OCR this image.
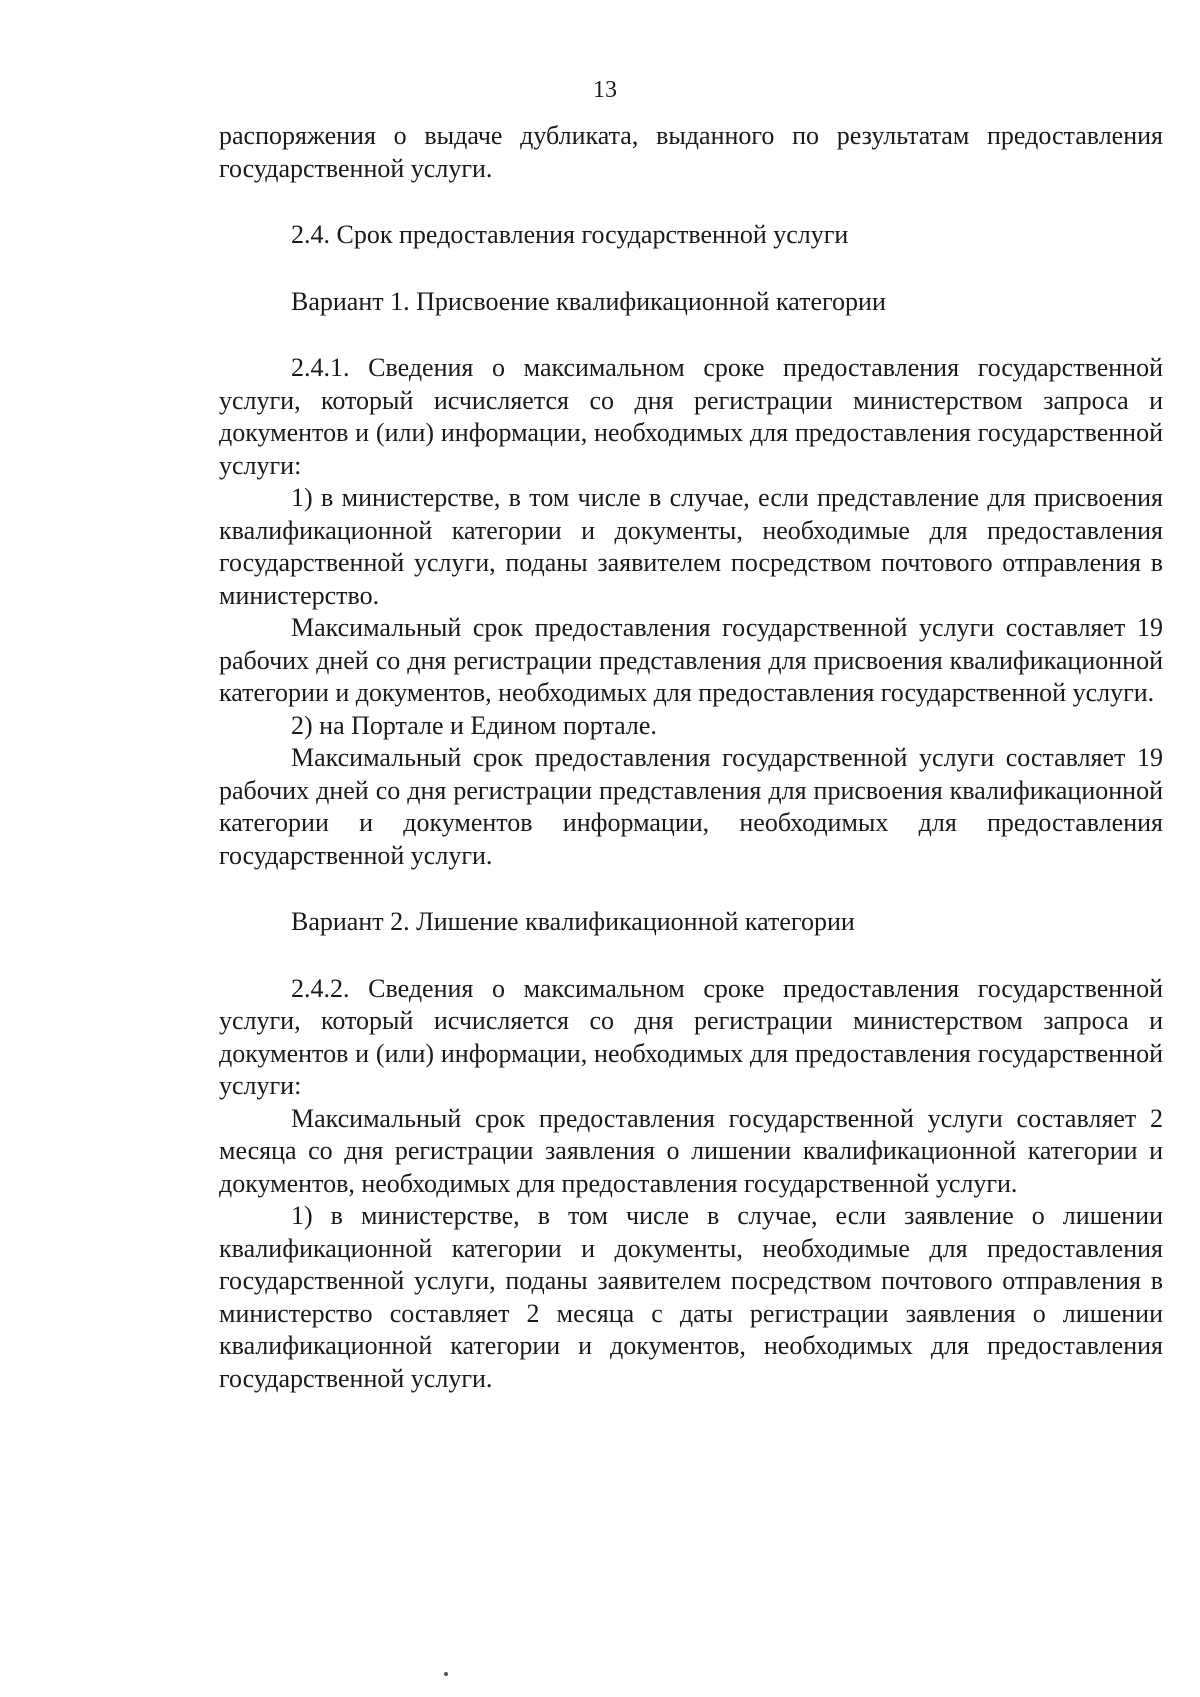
13

распоряжения о выдаче дубликата, выданного по результатам предоставления государственной услуги.

2.4. Срок предоставления государственной услуги

Вариант 1. Присвоение квалификационной категории

2.4.1. Сведения о максимальном сроке предоставления государственной услуги, который исчисляется со дня регистрации министерством запроса и документов и (или) информации, необходимых для предоставления государственной услуги:

1) в министерстве, в том числе в случае, если представление для присвоения квалификационной категории и документы, необходимые для предоставления государственной услуги, поданы заявителем посредством почтового отправления в министерство.

Максимальный срок предоставления государственной услуги составляет 19 рабочих дней со дня регистрации представления для присвоения квалификационной категории и документов, необходимых для предоставления государственной услуги.

2) на Портале и Едином портале.

Максимальный срок предоставления государственной услуги составляет 19 рабочих дней со дня регистрации представления для присвоения квалификационной категории и документов информации, необходимых для предоставления государственной услуги.

Вариант 2. Лишение квалификационной категории

2.4.2. Сведения о максимальном сроке предоставления государственной услуги, который исчисляется со дня регистрации министерством запроса и документов и (или) информации, необходимых для предоставления государственной услуги:

Максимальный срок предоставления государственной услуги составляет 2 месяца со дня регистрации заявления о лишении квалификационной категории и документов, необходимых для предоставления государственной услуги.

1) в министерстве, в том числе в случае, если заявление о лишении квалификационной категории и документы, необходимые для предоставления государственной услуги, поданы заявителем посредством почтового отправления в министерство составляет 2 месяца с даты регистрации заявления о лишении квалификационной категории и документов, необходимых для предоставления государственной услуги.
